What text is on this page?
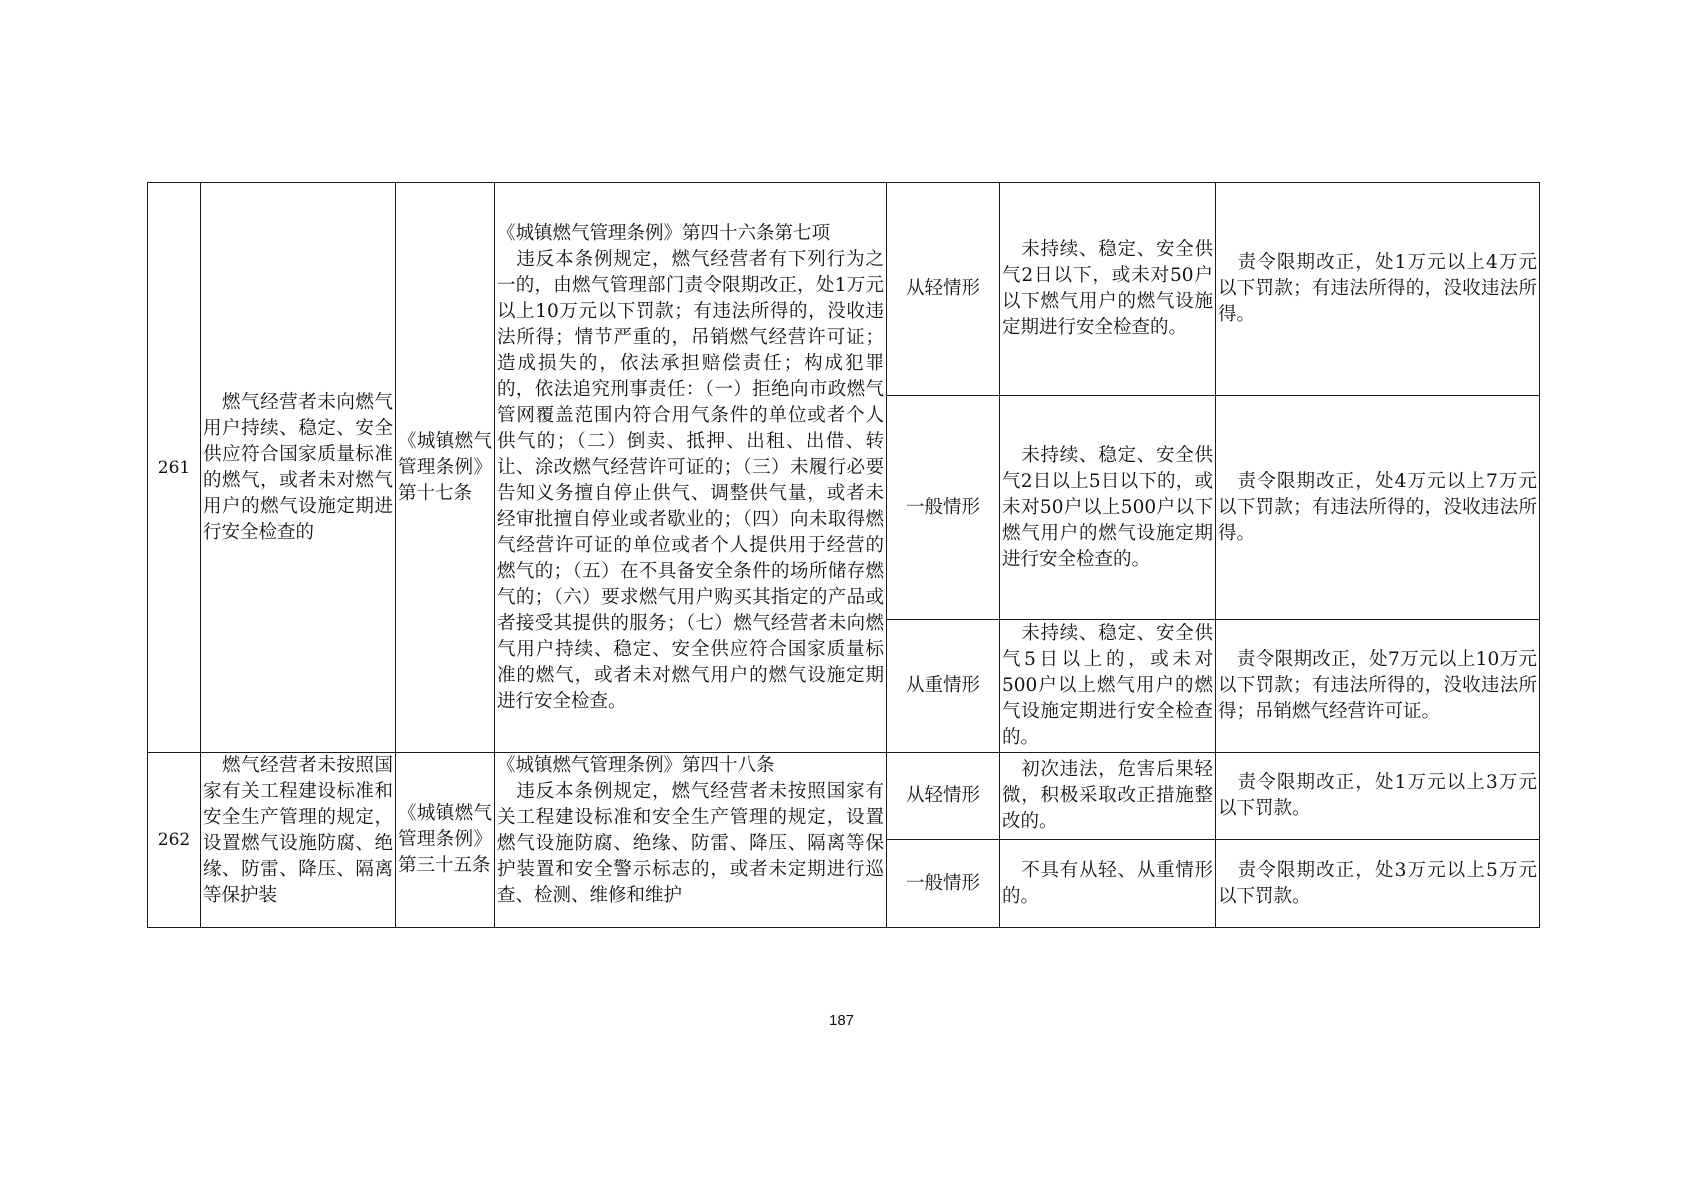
261	　燃气经营者未向燃气用户持续、稳定、安全供应符合国家质量标准的燃气，或者未对燃气用户的燃气设施定期进行安全检查的	《城镇燃气管理条例》第十七条	《城镇燃气管理条例》第四十六条第七项
　违反本条例规定，燃气经营者有下列行为之一的，由燃气管理部门责令限期改正，处1万元以上10万元以下罚款；有违法所得的，没收违法所得；情节严重的，吊销燃气经营许可证；造成损失的，依法承担赔偿责任；构成犯罪的，依法追究刑事责任：（一）拒绝向市政燃气管网覆盖范围内符合用气条件的单位或者个人供气的；（二）倒卖、抵押、出租、出借、转让、涂改燃气经营许可证的；（三）未履行必要告知义务擅自停止供气、调整供气量，或者未经审批擅自停业或者歇业的；（四）向未取得燃气经营许可证的单位或者个人提供用于经营的燃气的；（五）在不具备安全条件的场所储存燃气的；（六）要求燃气用户购买其指定的产品或者接受其提供的服务；（七）燃气经营者未向燃气用户持续、稳定、安全供应符合国家质量标准的燃气，或者未对燃气用户的燃气设施定期进行安全检查。	从轻情形	　未持续、稳定、安全供气2日以下，或未对50户以下燃气用户的燃气设施定期进行安全检查的。	　责令限期改正，处1万元以上4万元以下罚款；有违法所得的，没收违法所得。
				一般情形	　未持续、稳定、安全供气2日以上5日以下的，或未对50户以上500户以下燃气用户的燃气设施定期进行安全检查的。	　责令限期改正，处4万元以上7万元以下罚款；有违法所得的，没收违法所得。
				从重情形	　未持续、稳定、安全供气5日以上的，或未对500户以上燃气用户的燃气设施定期进行安全检查的。	　责令限期改正，处7万元以上10万元以下罚款；有违法所得的，没收违法所得；吊销燃气经营许可证。
262	　燃气经营者未按照国家有关工程建设标准和安全生产管理的规定，设置燃气设施防腐、绝缘、防雷、降压、隔离等保护装	《城镇燃气管理条例》第三十五条	《城镇燃气管理条例》第四十八条
　违反本条例规定，燃气经营者未按照国家有关工程建设标准和安全生产管理的规定，设置燃气设施防腐、绝缘、防雷、降压、隔离等保护装置和安全警示标志的，或者未定期进行巡查、检测、维修和维护	从轻情形	　初次违法，危害后果轻微，积极采取改正措施整改的。	　责令限期改正，处1万元以上3万元以下罚款。
				一般情形	　不具有从轻、从重情形的。	　责令限期改正，处3万元以上5万元以下罚款。
187
